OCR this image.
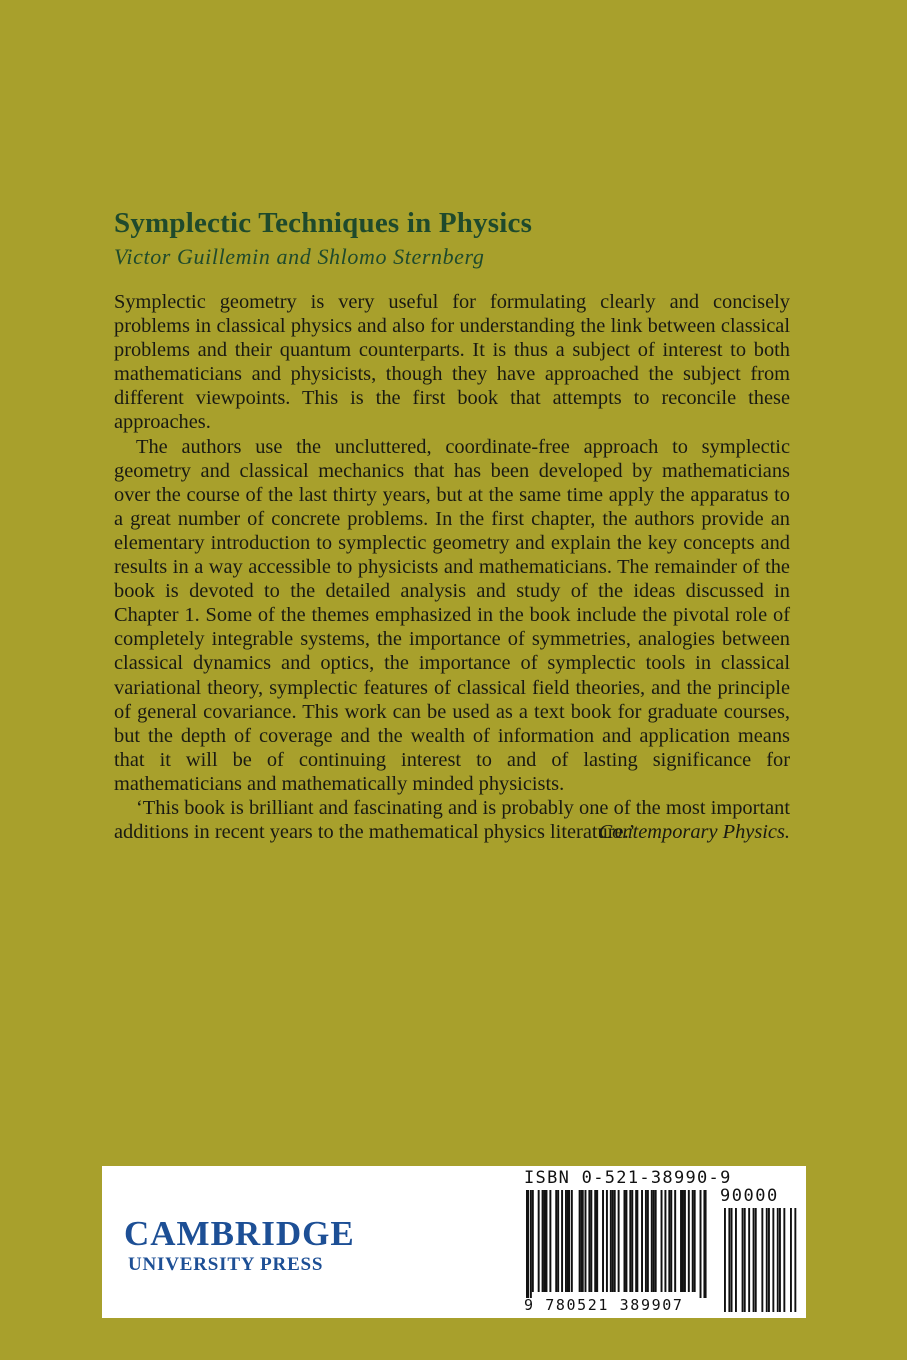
Symplectic Techniques in Physics
Victor Guillemin and Shlomo Sternberg

Symplectic geometry is very useful for formulating clearly and concisely problems in classical physics and also for understanding the link between classical problems and their quantum counterparts. It is thus a subject of interest to both mathematicians and physicists, though they have approached the subject from different viewpoints. This is the first book that attempts to reconcile these approaches.

The authors use the uncluttered, coordinate-free approach to symplectic geometry and classical mechanics that has been developed by mathematicians over the course of the last thirty years, but at the same time apply the apparatus to a great number of concrete problems. In the first chapter, the authors provide an elementary introduction to symplectic geometry and explain the key concepts and results in a way accessible to physicists and mathematicians. The remainder of the book is devoted to the detailed analysis and study of the ideas discussed in Chapter 1. Some of the themes emphasized in the book include the pivotal role of completely integrable systems, the importance of symmetries, analogies between classical dynamics and optics, the importance of symplectic tools in classical variational theory, symplectic features of classical field theories, and the principle of general covariance. This work can be used as a text book for graduate courses, but the depth of coverage and the wealth of information and application means that it will be of continuing interest to and of lasting significance for mathematicians and mathematically minded physicists.

‘This book is brilliant and fascinating and is probably one of the most important additions in recent years to the mathematical physics literature.’

Contemporary Physics.

CAMBRIDGE

UNIVERSITY PRESS

ISBN 0-521-38990-9
90000
9 780521 389907
